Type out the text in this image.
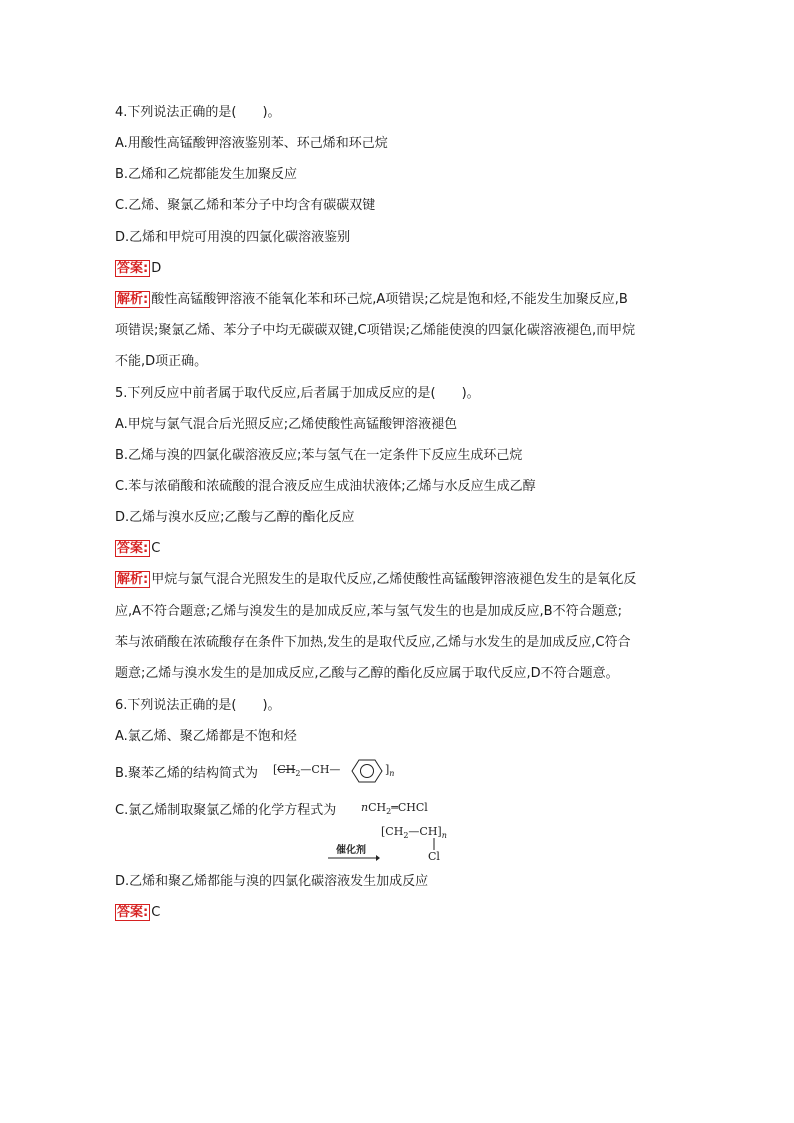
4.下列说法正确的是(　　)。
A.用酸性高锰酸钾溶液鉴别苯、环己烯和环己烷
B.乙烯和乙烷都能发生加聚反应
C.乙烯、聚氯乙烯和苯分子中均含有碳碳双键
D.乙烯和甲烷可用溴的四氯化碳溶液鉴别
答案: D
解析: 酸性高锰酸钾溶液不能氧化苯和环己烷,A项错误;乙烷是饱和烃,不能发生加聚反应,B
项错误;聚氯乙烯、苯分子中均无碳碳双键,C项错误;乙烯能使溴的四氯化碳溶液褪色,而甲烷
不能,D项正确。
5.下列反应中前者属于取代反应,后者属于加成反应的是(　　)。
A.甲烷与氯气混合后光照反应;乙烯使酸性高锰酸钾溶液褪色
B.乙烯与溴的四氯化碳溶液反应;苯与氢气在一定条件下反应生成环己烷
C.苯与浓硝酸和浓硫酸的混合液反应生成油状液体;乙烯与水反应生成乙醇
D.乙烯与溴水反应;乙酸与乙醇的酯化反应
答案: C
解析: 甲烷与氯气混合光照发生的是取代反应,乙烯使酸性高锰酸钾溶液褪色发生的是氧化反
应,A不符合题意;乙烯与溴发生的是加成反应,苯与氢气发生的也是加成反应,B不符合题意;
苯与浓硝酸在浓硫酸存在条件下加热,发生的是取代反应,乙烯与水发生的是加成反应,C符合
题意;乙烯与溴水发生的是加成反应,乙酸与乙醇的酯化反应属于取代反应,D不符合题意。
6.下列说法正确的是(　　)。
A.氯乙烯、聚乙烯都是不饱和烃
B.聚苯乙烯的结构简式为 [$CH_2—CH—$	]$_n$
C.氯乙烯制取聚氯乙烯的化学方程式为 nCH$_2$═CHCl
$[CH_2—CH]_n$
Cl
催化剂
D.乙烯和聚乙烯都能与溴的四氯化碳溶液发生加成反应
答案: C
